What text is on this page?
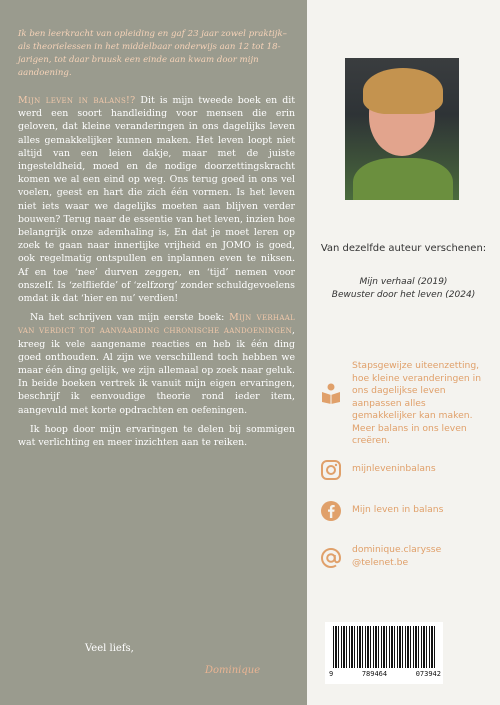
Ik ben leerkracht van opleiding en gaf 23 jaar zowel praktijk– als theorielessen in het middelbaar onderwijs aan 12 tot 18-jarigen, tot daar bruusk een einde aan kwam door mijn aandoening.

Mijn leven in balans!? Dit is mijn tweede boek en dit werd een soort handleiding voor mensen die erin geloven, dat kleine veranderingen in ons dagelijks leven alles gemakkelijker kunnen maken. Het leven loopt niet altijd van een leien dakje, maar met de juiste ingesteldheid, moed en de nodige doorzettingskracht komen we al een eind op weg. Ons terug goed in ons vel voelen, geest en hart die zich één vormen. Is het leven niet iets waar we dagelijks moeten aan blijven verder bouwen? Terug naar de essentie van het leven, inzien hoe belangrijk onze ademhaling is, En dat je moet leren op zoek te gaan naar innerlijke vrijheid en JOMO is goed, ook regelmatig ontspullen en inplannen even te niksen. Af en toe ‘nee’ durven zeggen, en ‘tijd’ nemen voor onszelf. Is ‘zelfliefde’ of ‘zelfzorg’ zonder schuldgevoelens omdat ik dat ‘hier en nu’ verdien!

Na het schrijven van mijn eerste boek: Mijn verhaal van verdict tot aanvaarding chronische aandoeningen, kreeg ik vele aangename reacties en heb ik één ding goed onthouden. Al zijn we verschillend toch hebben we maar één ding gelijk, we zijn allemaal op zoek naar geluk. In beide boeken vertrek ik vanuit mijn eigen ervaringen, beschrijf ik eenvoudige theorie rond ieder item, aangevuld met korte opdrachten en oefeningen.

Ik hoop door mijn ervaringen te delen bij sommigen wat verlichting en meer inzichten aan te reiken.

Veel liefs,
Dominique
Van dezelfde auteur verschenen:
Mijn verhaal (2019)
Bewuster door het leven (2024)
Stapsgewijze uiteenzetting, hoe kleine veranderingen in ons dagelijkse leven aanpassen alles gemakkelijker kan maken. Meer balans in ons leven creëren.
mijnleveninbalans
Mijn leven in balans
dominique.clarysse
@telenet.be
9	789464	073942
